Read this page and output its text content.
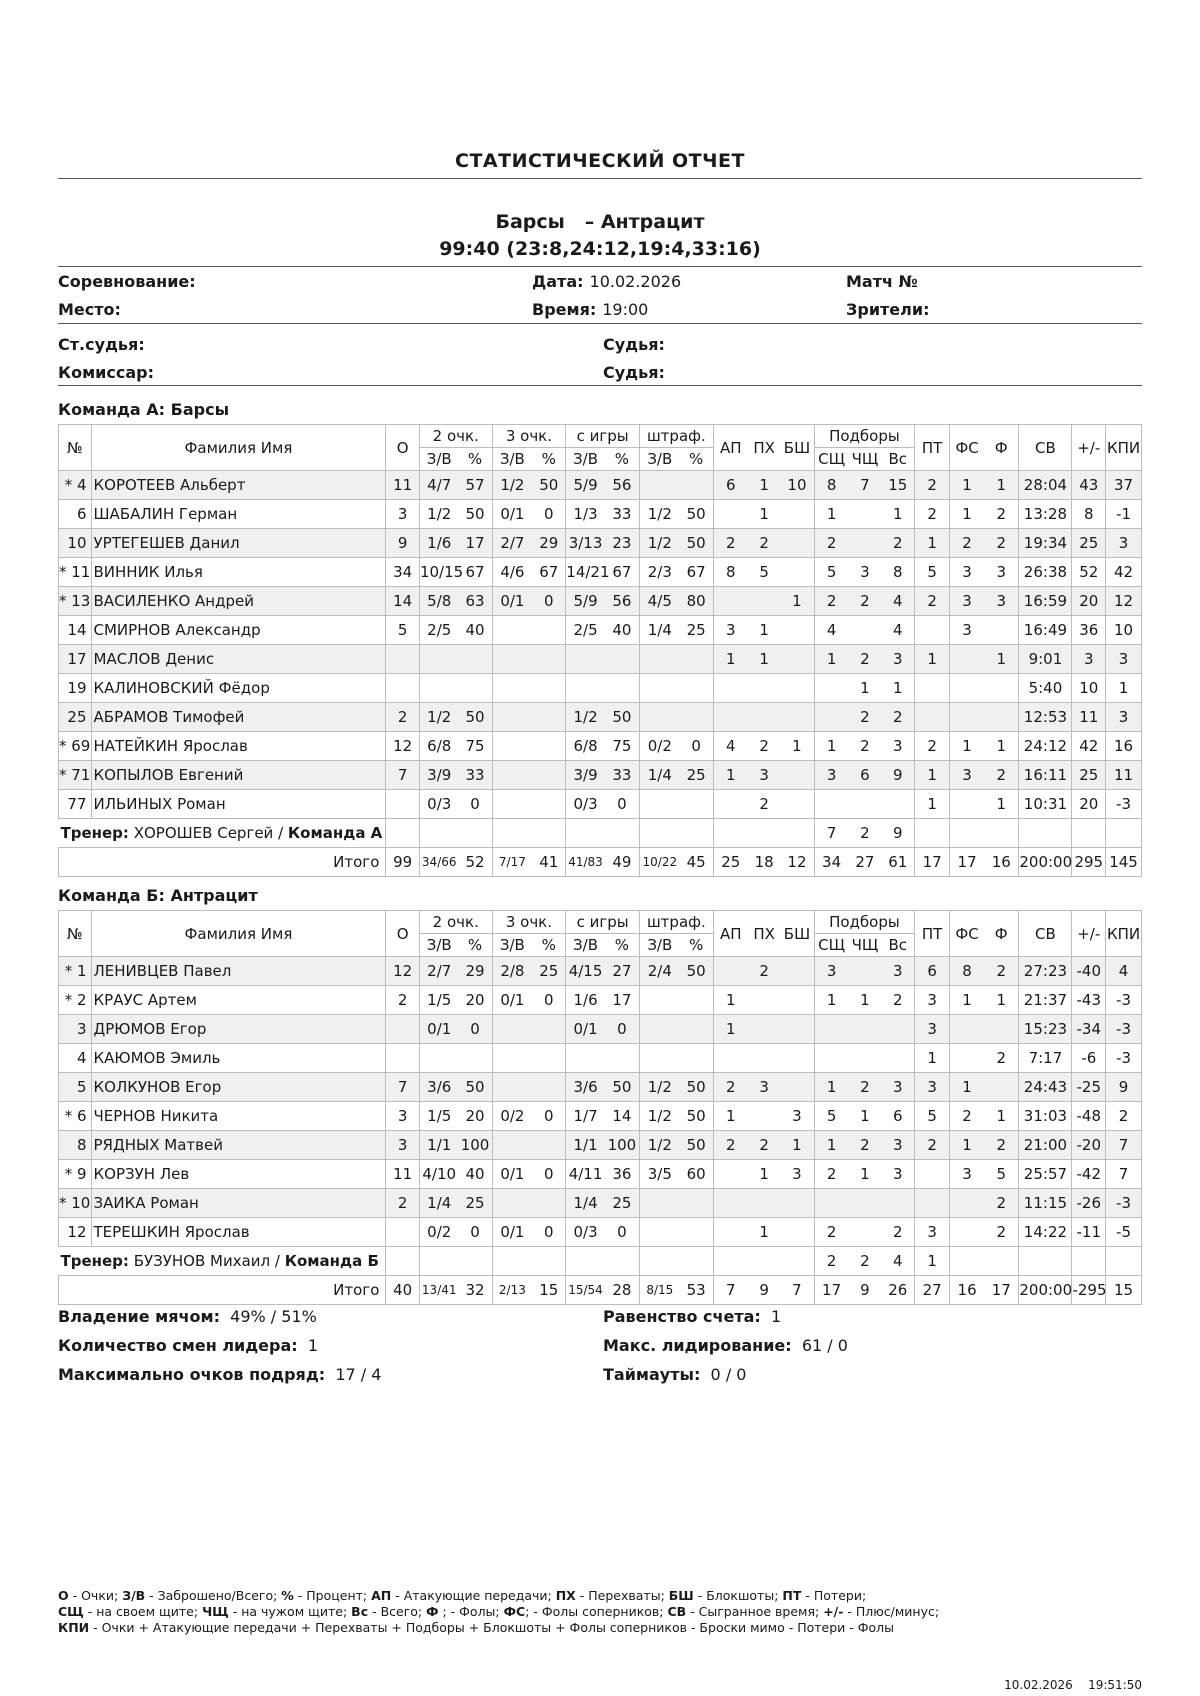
СТАТИСТИЧЕСКИЙ ОТЧЕТ
Барсы – Антрацит
99:40 (23:8,24:12,19:4,33:16)
Соревнование:
Место:
Дата: 10.02.2026
Время: 19:00
Матч №
Зрители:
Ст.судья:
Комиссар:
Судья:
Судья:
Команда А: Барсы
№	Фамилия Имя	О	2 очк.		3 очк.		с игры		штраф.		АП	ПХ	БШ	Подборы			ПТ	ФС	Ф	СВ	+/-	КПИ
			З/В	%	З/В	%	З/В	%	З/В	%				СЩ	ЧЩ	Вс						
* 4	КОРОТЕЕВ Альберт	11	4/7	57	1/2	50	5/9	56			6	1	10	8	7	15	2	1	1	28:04	43	37
6	ШАБАЛИН Герман	3	1/2	50	0/1	0	1/3	33	1/2	50		1		1		1	2	1	2	13:28	8	-1
10	УРТЕГЕШЕВ Данил	9	1/6	17	2/7	29	3/13	23	1/2	50	2	2		2		2	1	2	2	19:34	25	3
* 11	ВИННИК Илья	34	10/15	67	4/6	67	14/21	67	2/3	67	8	5		5	3	8	5	3	3	26:38	52	42
* 13	ВАСИЛЕНКО Андрей	14	5/8	63	0/1	0	5/9	56	4/5	80			1	2	2	4	2	3	3	16:59	20	12
14	СМИРНОВ Александр	5	2/5	40			2/5	40	1/4	25	3	1		4		4		3		16:49	36	10
17	МАСЛОВ Денис										1	1		1	2	3	1		1	9:01	3	3
19	КАЛИНОВСКИЙ Фёдор														1	1				5:40	10	1
25	АБРАМОВ Тимофей	2	1/2	50			1/2	50							2	2				12:53	11	3
* 69	НАТЕЙКИН Ярослав	12	6/8	75			6/8	75	0/2	0	4	2	1	1	2	3	2	1	1	24:12	42	16
* 71	КОПЫЛОВ Евгений	7	3/9	33			3/9	33	1/4	25	1	3		3	6	9	1	3	2	16:11	25	11
77	ИЛЬИНЫХ Роман		0/3	0			0/3	0				2					1		1	10:31	20	-3
Тренер: ХОРОШЕВ Сергей / Команда А														7	2	9						
Итого		99	34/66	52	7/17	41	41/83	49	10/22	45	25	18	12	34	27	61	17	17	16	200:00	295	145
Команда Б: Антрацит
№	Фамилия Имя	О	2 очк.		3 очк.		с игры		штраф.		АП	ПХ	БШ	Подборы			ПТ	ФС	Ф	СВ	+/-	КПИ
			З/В	%	З/В	%	З/В	%	З/В	%				СЩ	ЧЩ	Вс						
* 1	ЛЕНИВЦЕВ Павел	12	2/7	29	2/8	25	4/15	27	2/4	50		2		3		3	6	8	2	27:23	-40	4
* 2	КРАУС Артем	2	1/5	20	0/1	0	1/6	17			1			1	1	2	3	1	1	21:37	-43	-3
3	ДРЮМОВ Егор		0/1	0			0/1	0			1						3			15:23	-34	-3
4	КАЮМОВ Эмиль																1		2	7:17	-6	-3
5	КОЛКУНОВ Егор	7	3/6	50			3/6	50	1/2	50	2	3		1	2	3	3	1		24:43	-25	9
* 6	ЧЕРНОВ Никита	3	1/5	20	0/2	0	1/7	14	1/2	50	1		3	5	1	6	5	2	1	31:03	-48	2
8	РЯДНЫХ Матвей	3	1/1	100			1/1	100	1/2	50	2	2	1	1	2	3	2	1	2	21:00	-20	7
* 9	КОРЗУН Лев	11	4/10	40	0/1	0	4/11	36	3/5	60		1	3	2	1	3		3	5	25:57	-42	7
* 10	ЗАИКА Роман	2	1/4	25			1/4	25											2	11:15	-26	-3
12	ТЕРЕШКИН Ярослав		0/2	0	0/1	0	0/3	0				1		2		2	3		2	14:22	-11	-5
Тренер: БУЗУНОВ Михаил / Команда Б														2	2	4	1					
Итого		40	13/41	32	2/13	15	15/54	28	8/15	53	7	9	7	17	9	26	27	16	17	200:00	-295	15
Владение мячом: 49% / 51%
Количество смен лидера: 1
Максимально очков подряд: 17 / 4
Равенство счета: 1
Макс. лидирование: 61 / 0
Таймауты: 0 / 0
О - Очки; З/В - Заброшено/Всего; % - Процент; АП - Атакующие передачи; ПХ - Перехваты; БШ - Блокшоты; ПТ - Потери;
СЩ - на своем щите; ЧЩ - на чужом щите; Вс - Всего; Ф ; - Фолы; ФС; - Фолы соперников; СВ - Сыгранное время; +/- - Плюс/минус;
КПИ - Очки + Атакующие передачи + Перехваты + Подборы + Блокшоты + Фолы соперников - Броски мимо - Потери - Фолы
10.02.2026 19:51:50
